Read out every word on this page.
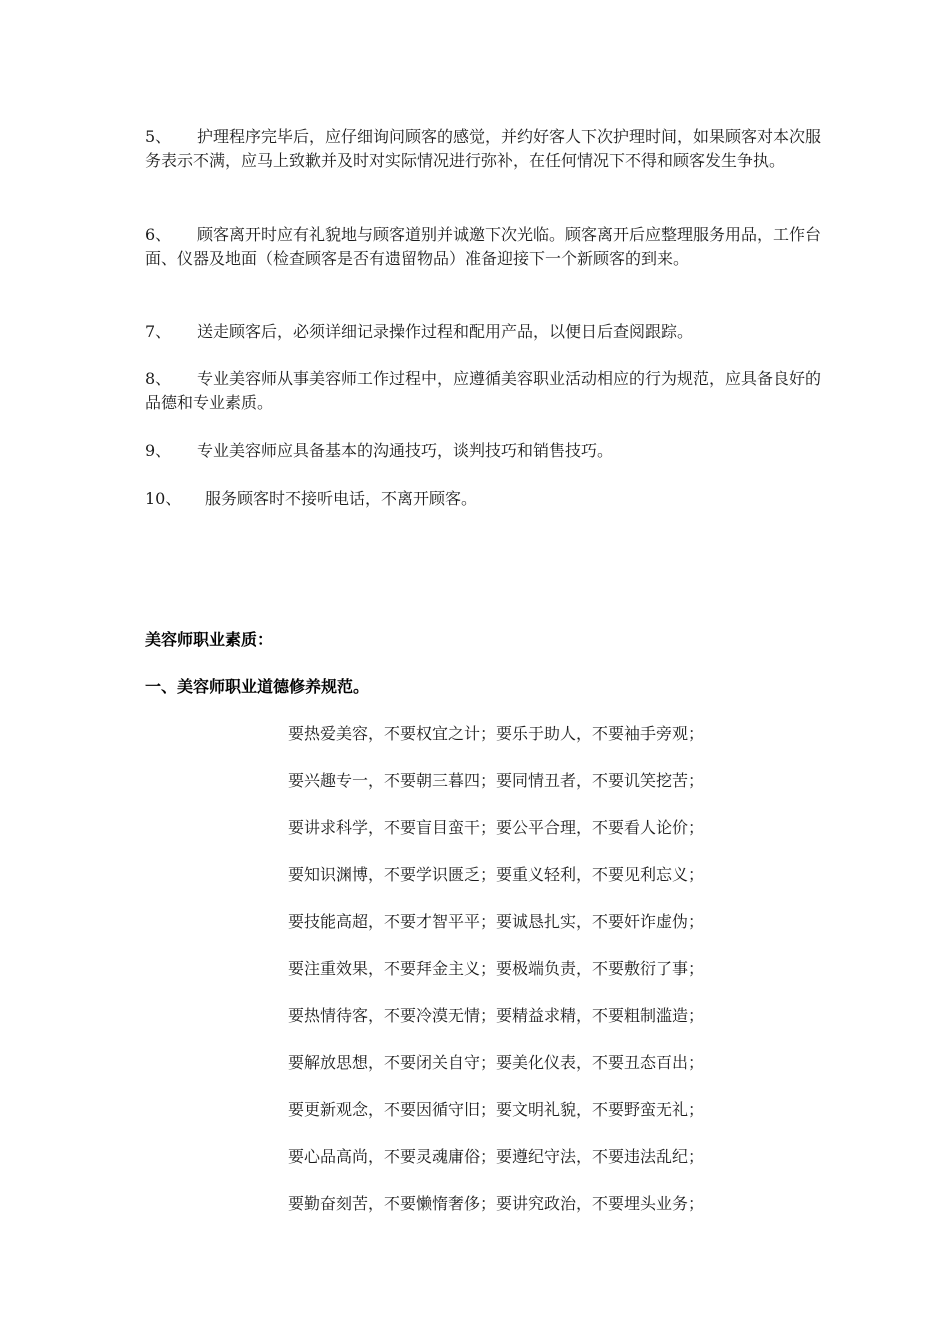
5、 护理程序完毕后，应仔细询问顾客的感觉，并约好客人下次护理时间，如果顾客对本次服务表示不满，应马上致歉并及时对实际情况进行弥补，在任何情况下不得和顾客发生争执。
6、 顾客离开时应有礼貌地与顾客道别并诚邀下次光临。顾客离开后应整理服务用品，工作台面、仪器及地面（检查顾客是否有遗留物品）准备迎接下一个新顾客的到来。
7、 送走顾客后，必须详细记录操作过程和配用产品，以便日后查阅跟踪。
8、 专业美容师从事美容师工作过程中，应遵循美容职业活动相应的行为规范，应具备良好的品德和专业素质。
9、 专业美容师应具备基本的沟通技巧，谈判技巧和销售技巧。
10、 服务顾客时不接听电话，不离开顾客。
美容师职业素质：
一、美容师职业道德修养规范。
要热爱美容，不要权宜之计；要乐于助人，不要袖手旁观；
要兴趣专一，不要朝三暮四；要同情丑者，不要讥笑挖苦；
要讲求科学，不要盲目蛮干；要公平合理，不要看人论价；
要知识渊博，不要学识匮乏；要重义轻利，不要见利忘义；
要技能高超，不要才智平平；要诚恳扎实，不要奸诈虚伪；
要注重效果，不要拜金主义；要极端负责，不要敷衍了事；
要热情待客，不要冷漠无情；要精益求精，不要粗制滥造；
要解放思想，不要闭关自守；要美化仪表，不要丑态百出；
要更新观念，不要因循守旧；要文明礼貌，不要野蛮无礼；
要心品高尚，不要灵魂庸俗；要遵纪守法，不要违法乱纪；
要勤奋刻苦，不要懒惰奢侈；要讲究政治，不要埋头业务；
